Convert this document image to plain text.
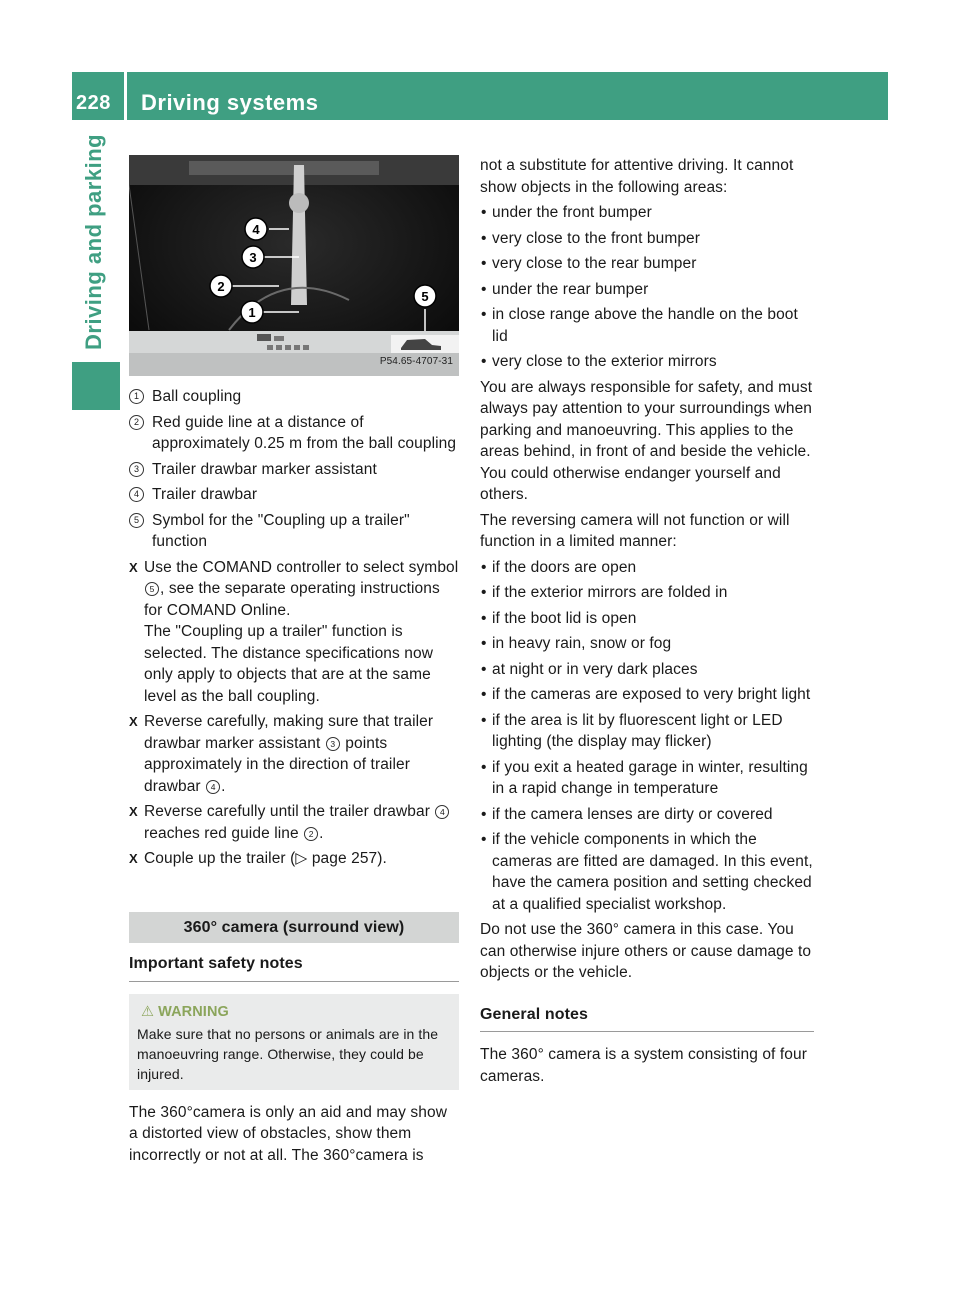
228 Driving systems
Driving and parking	4
3
2
1
5
P54.65-4707-31
1 Ball coupling
2 Red guide line at a distance of approximately 0.25 m from the ball coupling
3 Trailer drawbar marker assistant
4 Trailer drawbar
5 Symbol for the "Coupling up a trailer" function
X Use the COMAND controller to select symbol 5 , see the separate operating instructions for COMAND Online.
The "Coupling up a trailer" function is selected. The distance specifications now only apply to objects that are at the same level as the ball coupling.
X Reverse carefully, making sure that trailer drawbar marker assistant 3 points approximately in the direction of trailer drawbar 4 .
X Reverse carefully until the trailer drawbar 4 reaches red guide line 2 .
X Couple up the trailer (▷ page 257).
360° camera (surround view)
Important safety notes
⚠ WARNING
Make sure that no persons or animals are in the manoeuvring range. Otherwise, they could be injured.
The 360°camera is only an aid and may show a distorted view of obstacles, show them incorrectly or not at all. The 360°camera is
not a substitute for attentive driving. It cannot show objects in the following areas:
• under the front bumper
• very close to the front bumper
• very close to the rear bumper
• under the rear bumper
• in close range above the handle on the boot lid
• very close to the exterior mirrors
You are always responsible for safety, and must always pay attention to your surroundings when parking and manoeuvring. This applies to the areas behind, in front of and beside the vehicle. You could otherwise endanger yourself and others.
The reversing camera will not function or will function in a limited manner:
• if the doors are open
• if the exterior mirrors are folded in
• if the boot lid is open
• in heavy rain, snow or fog
• at night or in very dark places
• if the cameras are exposed to very bright light
• if the area is lit by fluorescent light or LED lighting (the display may flicker)
• if you exit a heated garage in winter, resulting in a rapid change in temperature
• if the camera lenses are dirty or covered
• if the vehicle components in which the cameras are fitted are damaged. In this event, have the camera position and setting checked at a qualified specialist workshop.
Do not use the 360° camera in this case. You can otherwise injure others or cause damage to objects or the vehicle.
General notes
The 360° camera is a system consisting of four cameras.
